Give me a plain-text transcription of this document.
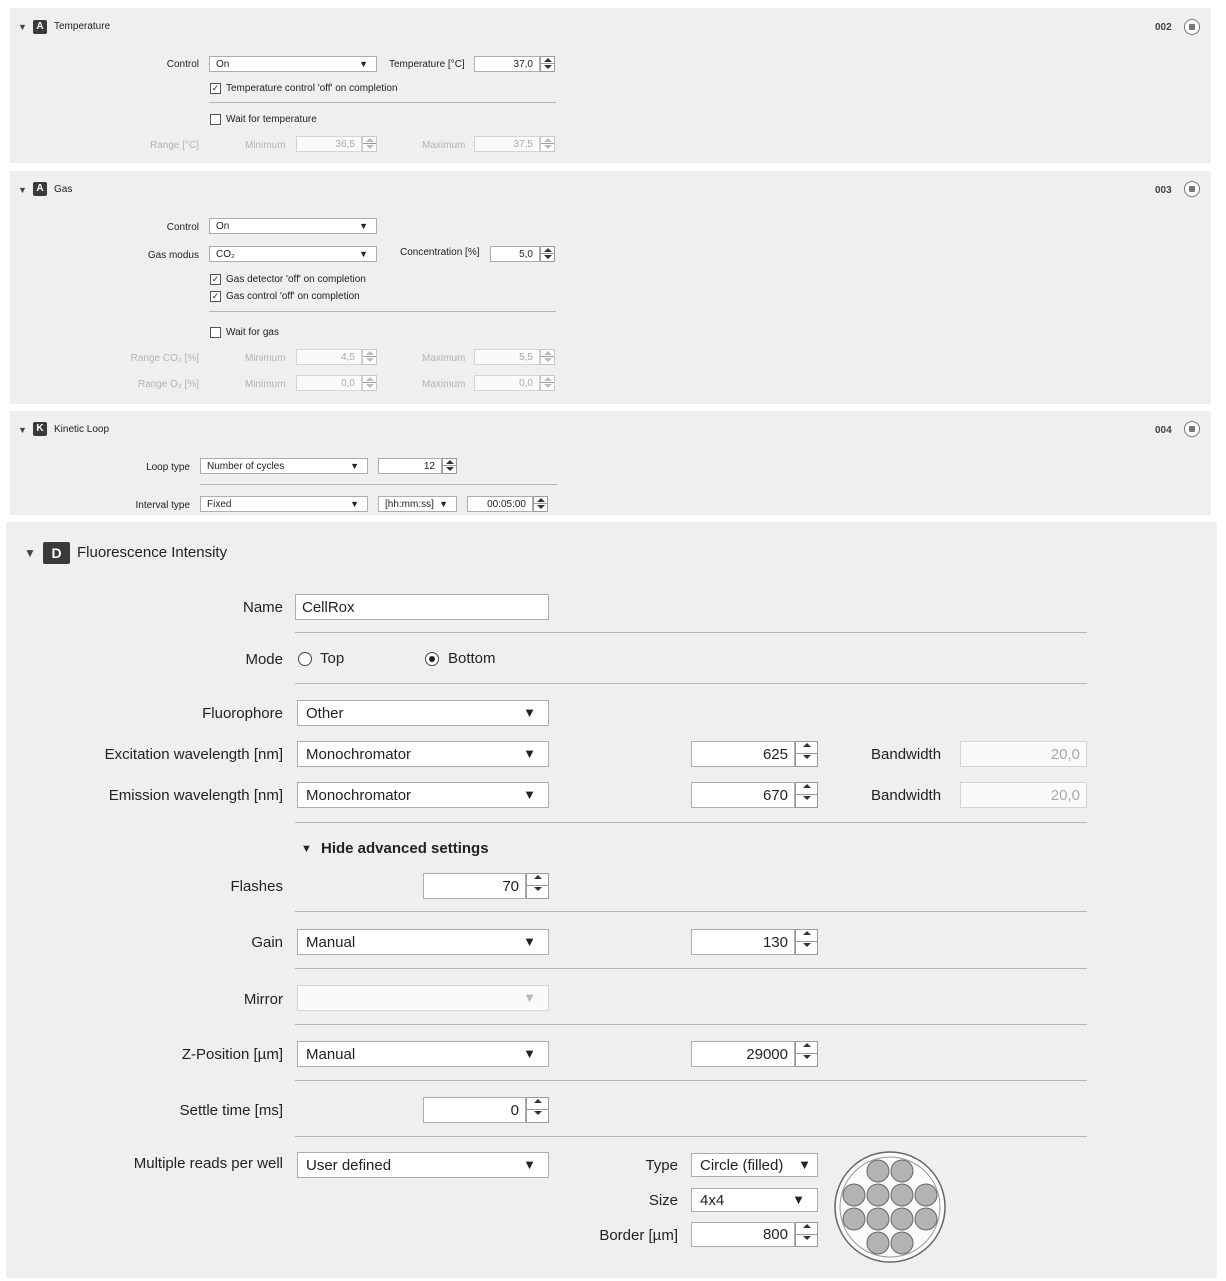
▼ A	Temperature	002
Control On	▼ Temperature [°C]	37,0
✓ Temperature control 'off' on completion
Wait for temperature
Range [°C]	Minimum	36,5	Maximum	37,5
▼ A	Gas	003
Control On	▼
Gas modus CO₂	▼	Concentration [%]	5,0
✓ Gas detector 'off' on completion
✓ Gas control 'off' on completion
Wait for gas
Range CO₂ [%]	Minimum	4,5	Maximum	5,5
Range O₂ [%]	Minimum	0,0	Maximum	0,0
▼ K	Kinetic Loop	004
Loop type Number of cycles	▼	12
Interval type Fixed	▼	[hh:mm:ss] ▼	00:05:00
▼	D	Fluorescence Intensity
Name CellRox
Mode Top	Bottom
Fluorophore Other	▼
Excitation wavelength [nm] Monochromator	▼	625	Bandwidth	20,0
Emission wavelength [nm] Monochromator	▼	670	Bandwidth	20,0
▼ Hide advanced settings
Flashes	70
Gain Manual	▼	130
Mirror	▼
Z-Position [µm] Manual	▼	29000
Settle time [ms]	0
Multiple reads per well User defined	▼	Type Circle (filled) ▼
Size 4x4	▼
Border [µm]	800
